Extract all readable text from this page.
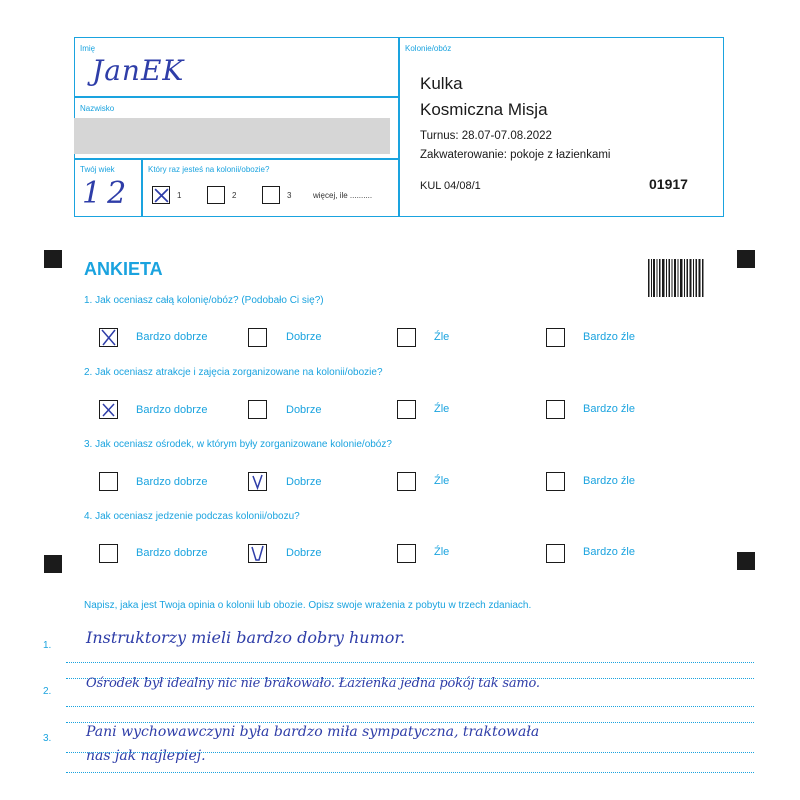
Imię
JanEK
Nazwisko
Twój wiek
12
Który raz jesteś na kolonii/obozie?
1	2	3	więcej, ile ..........
Kolonie/obóz
Kulka
Kosmiczna Misja
Turnus: 28.07-07.08.2022
Zakwaterowanie: pokoje z łazienkami
KUL 04/08/1	01917
ANKIETA
1. Jak oceniasz całą kolonię/obóz? (Podobało Ci się?)
Bardzo dobrze	Dobrze	Źle	Bardzo źle
2. Jak oceniasz atrakcje i zajęcia zorganizowane na kolonii/obozie?
Bardzo dobrze	Dobrze	Źle	Bardzo źle
3. Jak oceniasz ośrodek, w którym były zorganizowane kolonie/obóz?
Bardzo dobrze	Dobrze	Źle	Bardzo źle
4. Jak oceniasz jedzenie podczas kolonii/obozu?
Bardzo dobrze	Dobrze	Źle	Bardzo źle
Napisz, jaka jest Twoja opinia o kolonii lub obozie. Opisz swoje wrażenia z pobytu w trzech zdaniach.
1. Instruktorzy mieli bardzo dobry humor.
2.
Ośrodek był idealny nic nie brakowało. Łazienka jedna pokój tak samo.
3. Pani wychowawczyni była bardzo miła sympatyczna, traktowała
nas jak najlepiej.
